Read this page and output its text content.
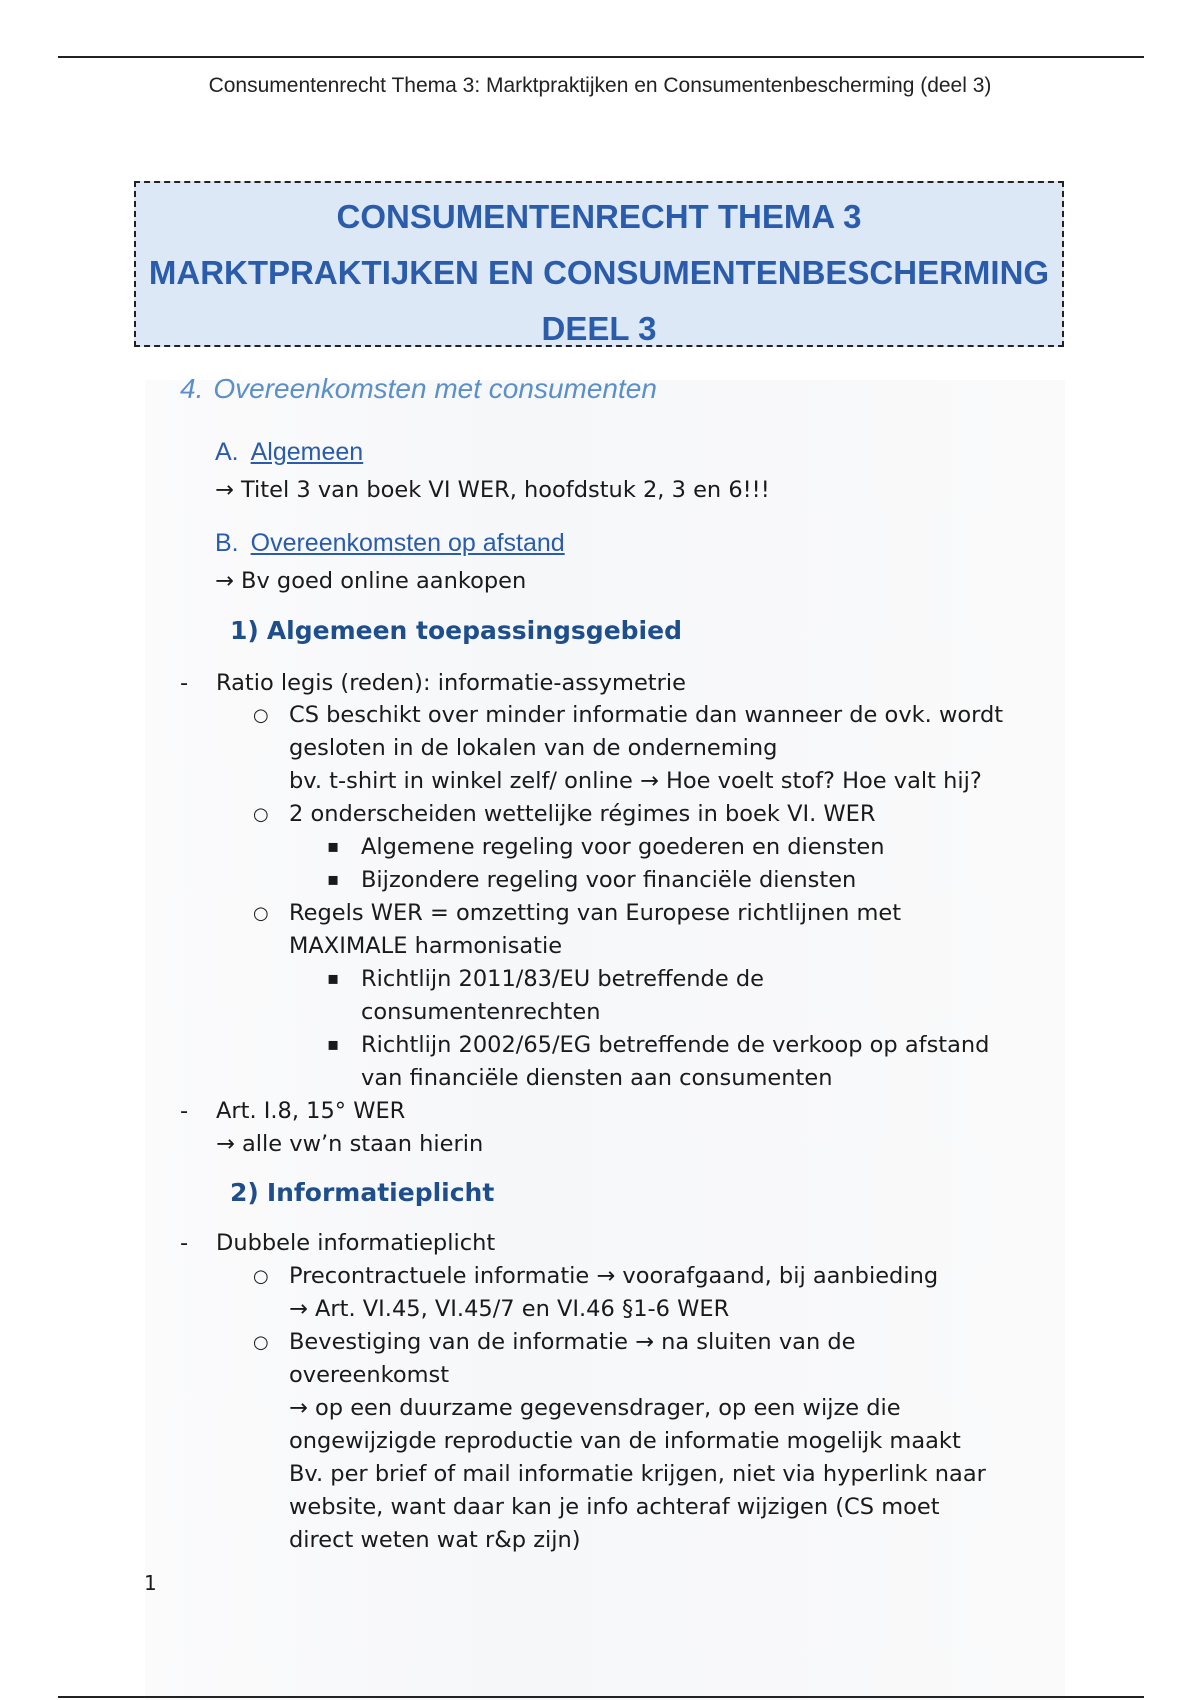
Consumentenrecht Thema 3: Marktpraktijken en Consumentenbescherming (deel 3)
CONSUMENTENRECHT THEMA 3
MARKTPRAKTIJKEN EN CONSUMENTENBESCHERMING
DEEL 3
4. Overeenkomsten met consumenten
A. Algemeen
→ Titel 3 van boek VI WER, hoofdstuk 2, 3 en 6!!!
B. Overeenkomsten op afstand
→ Bv goed online aankopen
1) Algemeen toepassingsgebied
- Ratio legis (reden): informatie-assymetrie
○ CS beschikt over minder informatie dan wanneer de ovk. wordt
gesloten in de lokalen van de onderneming
bv. t-shirt in winkel zelf/ online → Hoe voelt stof? Hoe valt hij?
○ 2 onderscheiden wettelijke régimes in boek VI. WER
▪ Algemene regeling voor goederen en diensten
▪ Bijzondere regeling voor financiële diensten
○ Regels WER = omzetting van Europese richtlijnen met
MAXIMALE harmonisatie
▪ Richtlijn 2011/83/EU betreffende de
consumentenrechten
▪ Richtlijn 2002/65/EG betreffende de verkoop op afstand
van financiële diensten aan consumenten
- Art. I.8, 15° WER
→ alle vw’n staan hierin
2) Informatieplicht
- Dubbele informatieplicht
○ Precontractuele informatie → voorafgaand, bij aanbieding
→ Art. VI.45, VI.45/7 en VI.46 §1-6 WER
○ Bevestiging van de informatie → na sluiten van de
overeenkomst
→ op een duurzame gegevensdrager, op een wijze die
ongewijzigde reproductie van de informatie mogelijk maakt
Bv. per brief of mail informatie krijgen, niet via hyperlink naar
website, want daar kan je info achteraf wijzigen (CS moet
direct weten wat r&p zijn)
1
